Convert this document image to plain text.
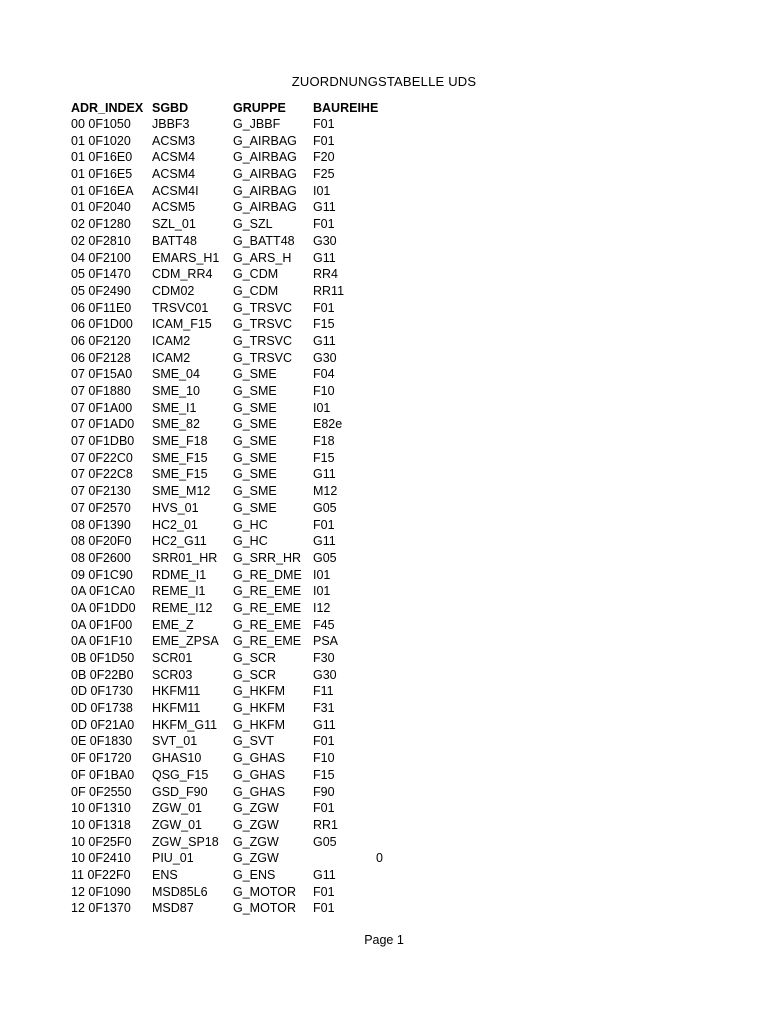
ZUORDNUNGSTABELLE UDS
ADR_INDEX	SGBD	GRUPPE	BAUREIHE
00 0F1050	JBBF3	G_JBBF	F01
01 0F1020	ACSM3	G_AIRBAG	F01
01 0F16E0	ACSM4	G_AIRBAG	F20
01 0F16E5	ACSM4	G_AIRBAG	F25
01 0F16EA	ACSM4I	G_AIRBAG	I01
01 0F2040	ACSM5	G_AIRBAG	G11
02 0F1280	SZL_01	G_SZL	F01
02 0F2810	BATT48	G_BATT48	G30
04 0F2100	EMARS_H1	G_ARS_H	G11
05 0F1470	CDM_RR4	G_CDM	RR4
05 0F2490	CDM02	G_CDM	RR11
06 0F11E0	TRSVC01	G_TRSVC	F01
06 0F1D00	ICAM_F15	G_TRSVC	F15
06 0F2120	ICAM2	G_TRSVC	G11
06 0F2128	ICAM2	G_TRSVC	G30
07 0F15A0	SME_04	G_SME	F04
07 0F1880	SME_10	G_SME	F10
07 0F1A00	SME_I1	G_SME	I01
07 0F1AD0	SME_82	G_SME	E82e
07 0F1DB0	SME_F18	G_SME	F18
07 0F22C0	SME_F15	G_SME	F15
07 0F22C8	SME_F15	G_SME	G11
07 0F2130	SME_M12	G_SME	M12
07 0F2570	HVS_01	G_SME	G05
08 0F1390	HC2_01	G_HC	F01
08 0F20F0	HC2_G11	G_HC	G11
08 0F2600	SRR01_HR	G_SRR_HR	G05
09 0F1C90	RDME_I1	G_RE_DME	I01
0A 0F1CA0	REME_I1	G_RE_EME	I01
0A 0F1DD0	REME_I12	G_RE_EME	I12
0A 0F1F00	EME_Z	G_RE_EME	F45
0A 0F1F10	EME_ZPSA	G_RE_EME	PSA
0B 0F1D50	SCR01	G_SCR	F30
0B 0F22B0	SCR03	G_SCR	G30
0D 0F1730	HKFM11	G_HKFM	F11
0D 0F1738	HKFM11	G_HKFM	F31
0D 0F21A0	HKFM_G11	G_HKFM	G11
0E 0F1830	SVT_01	G_SVT	F01
0F 0F1720	GHAS10	G_GHAS	F10
0F 0F1BA0	QSG_F15	G_GHAS	F15
0F 0F2550	GSD_F90	G_GHAS	F90
10 0F1310	ZGW_01	G_ZGW	F01
10 0F1318	ZGW_01	G_ZGW	RR1
10 0F25F0	ZGW_SP18	G_ZGW	G05
10 0F2410	PIU_01	G_ZGW	0
11 0F22F0	ENS	G_ENS	G11
12 0F1090	MSD85L6	G_MOTOR	F01
12 0F1370	MSD87	G_MOTOR	F01
Page 1
